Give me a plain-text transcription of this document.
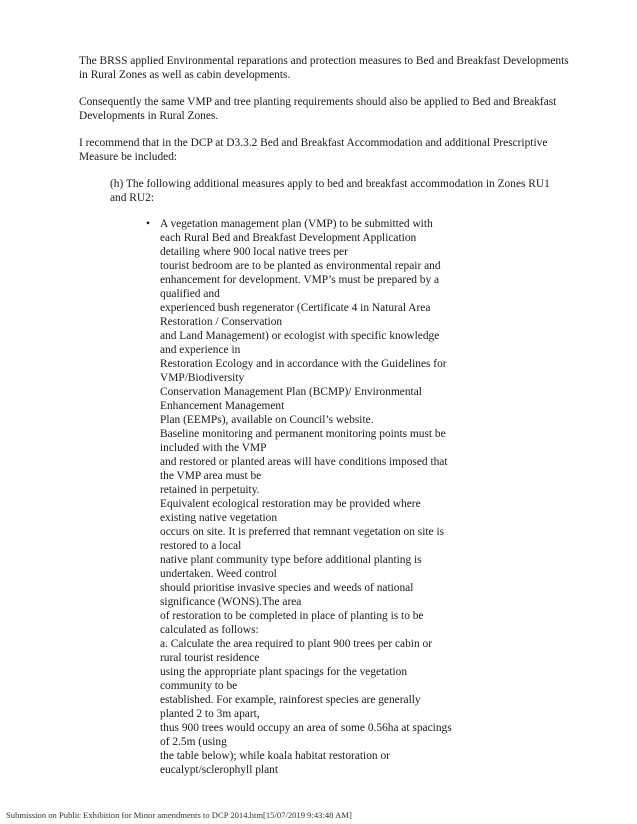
The BRSS applied Environmental reparations and protection measures to Bed and Breakfast Developments in Rural Zones as well as cabin developments.

Consequently the same VMP and tree planting requirements should also be applied to Bed and Breakfast Developments in Rural Zones.

I recommend that in the DCP at D3.3.2 Bed and Breakfast Accommodation and additional Prescriptive Measure be included:

(h) The following additional measures apply to bed and breakfast accommodation in Zones RU1 and RU2:

• A vegetation management plan (VMP) to be submitted with
each Rural Bed and Breakfast Development Application
detailing where 900 local native trees per
tourist bedroom are to be planted as environmental repair and
enhancement for development. VMP’s must be prepared by a
qualified and
experienced bush regenerator (Certificate 4 in Natural Area
Restoration / Conservation
and Land Management) or ecologist with specific knowledge
and experience in
Restoration Ecology and in accordance with the Guidelines for
VMP/Biodiversity
Conservation Management Plan (BCMP)/ Environmental
Enhancement Management
Plan (EEMPs), available on Council’s website.
Baseline monitoring and permanent monitoring points must be
included with the VMP
and restored or planted areas will have conditions imposed that
the VMP area must be
retained in perpetuity.
Equivalent ecological restoration may be provided where
existing native vegetation
occurs on site. It is preferred that remnant vegetation on site is
restored to a local
native plant community type before additional planting is
undertaken. Weed control
should prioritise invasive species and weeds of national
significance (WONS).The area
of restoration to be completed in place of planting is to be
calculated as follows:
a. Calculate the area required to plant 900 trees per cabin or
rural tourist residence
using the appropriate plant spacings for the vegetation
community to be
established. For example, rainforest species are generally
planted 2 to 3m apart,
thus 900 trees would occupy an area of some 0.56ha at spacings
of 2.5m (using
the table below); while koala habitat restoration or
eucalypt/sclerophyll plant
Submission on Public Exhibition for Minor amendments to DCP 2014.htm[15/07/2019 9:43:48 AM]
